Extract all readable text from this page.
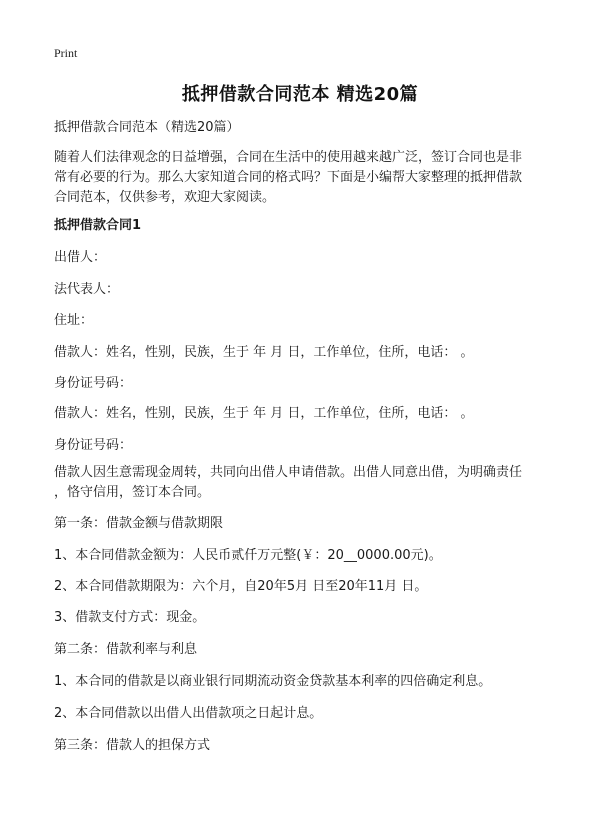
Print
抵押借款合同范本 精选20篇
抵押借款合同范本（精选20篇）
随着人们法律观念的日益增强，合同在生活中的使用越来越广泛，签订合同也是非
常有必要的行为。那么大家知道合同的格式吗？下面是小编帮大家整理的抵押借款
合同范本，仅供参考，欢迎大家阅读。
抵押借款合同1
出借人：
法代表人：
住址：
借款人：姓名，性别，民族，生于 年 月 日，工作单位，住所，电话： 。
身份证号码：
借款人：姓名，性别，民族，生于 年 月 日，工作单位，住所，电话： 。
身份证号码：
借款人因生意需现金周转，共同向出借人申请借款。出借人同意出借，为明确责任
，恪守信用，签订本合同。
第一条：借款金额与借款期限
1、本合同借款金额为：人民币贰仟万元整(￥：20__0000.00元)。
2、本合同借款期限为：六个月，自20年5月 日至20年11月 日。
3、借款支付方式：现金。
第二条：借款利率与利息
1、本合同的借款是以商业银行同期流动资金贷款基本利率的四倍确定利息。
2、本合同借款以出借人出借款项之日起计息。
第三条：借款人的担保方式
